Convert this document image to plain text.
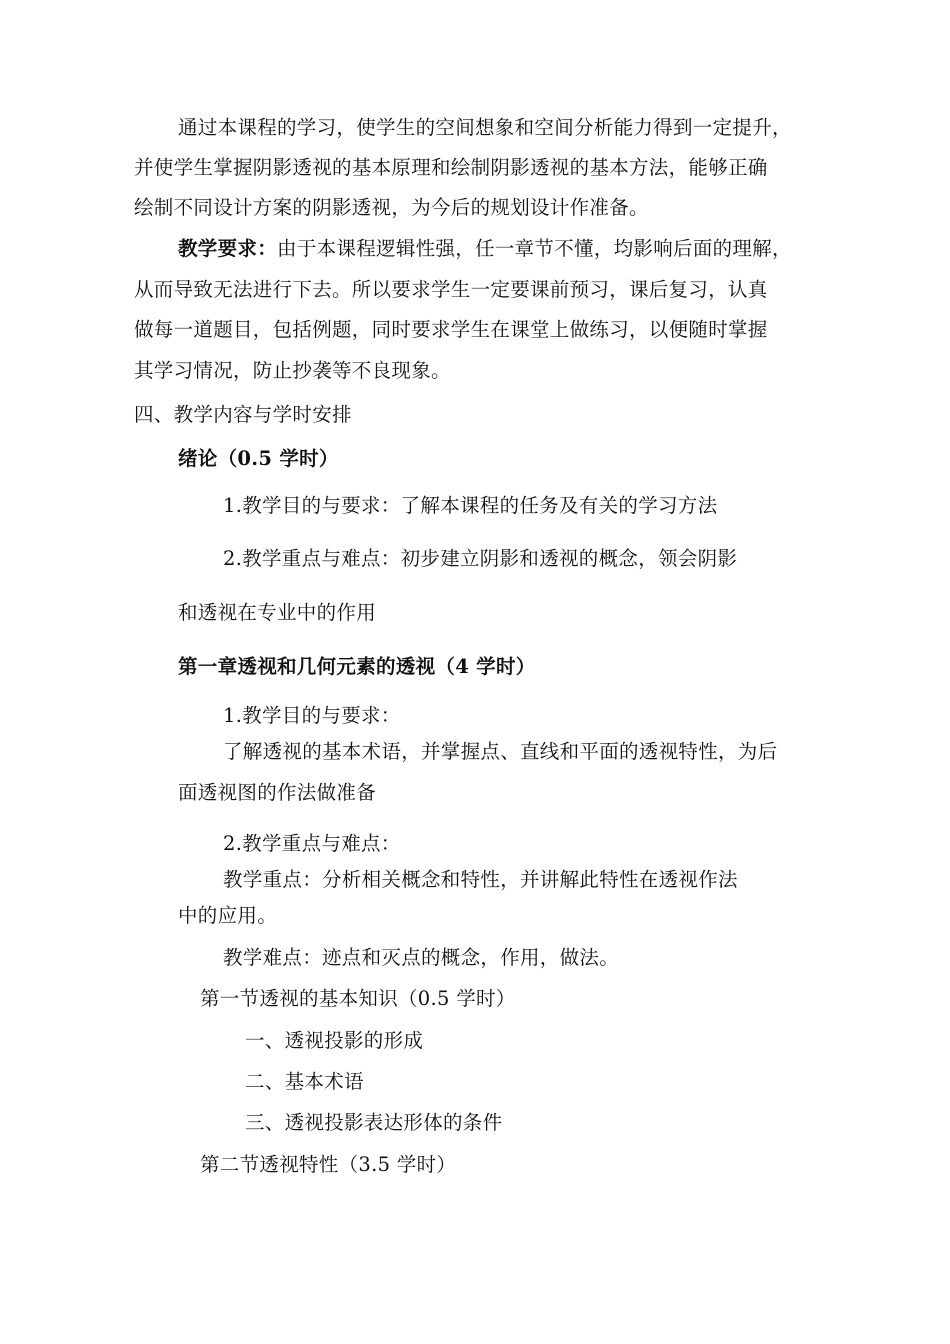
通过本课程的学习，使学生的空间想象和空间分析能力得到一定提升，
并使学生掌握阴影透视的基本原理和绘制阴影透视的基本方法，能够正确
绘制不同设计方案的阴影透视，为今后的规划设计作准备。
教学要求：由于本课程逻辑性强，任一章节不懂，均影响后面的理解，
从而导致无法进行下去。所以要求学生一定要课前预习，课后复习，认真
做每一道题目，包括例题，同时要求学生在课堂上做练习，以便随时掌握
其学习情况，防止抄袭等不良现象。
四、教学内容与学时安排
绪论（0.5 学时）
1.教学目的与要求：了解本课程的任务及有关的学习方法
2.教学重点与难点：初步建立阴影和透视的概念，领会阴影
和透视在专业中的作用
第一章透视和几何元素的透视（4 学时）
1.教学目的与要求：
了解透视的基本术语，并掌握点、直线和平面的透视特性，为后
面透视图的作法做准备
2.教学重点与难点：
教学重点：分析相关概念和特性，并讲解此特性在透视作法
中的应用。
教学难点：迹点和灭点的概念，作用，做法。
第一节透视的基本知识（0.5 学时）
一、透视投影的形成
二、基本术语
三、透视投影表达形体的条件
第二节透视特性（3.5 学时）
